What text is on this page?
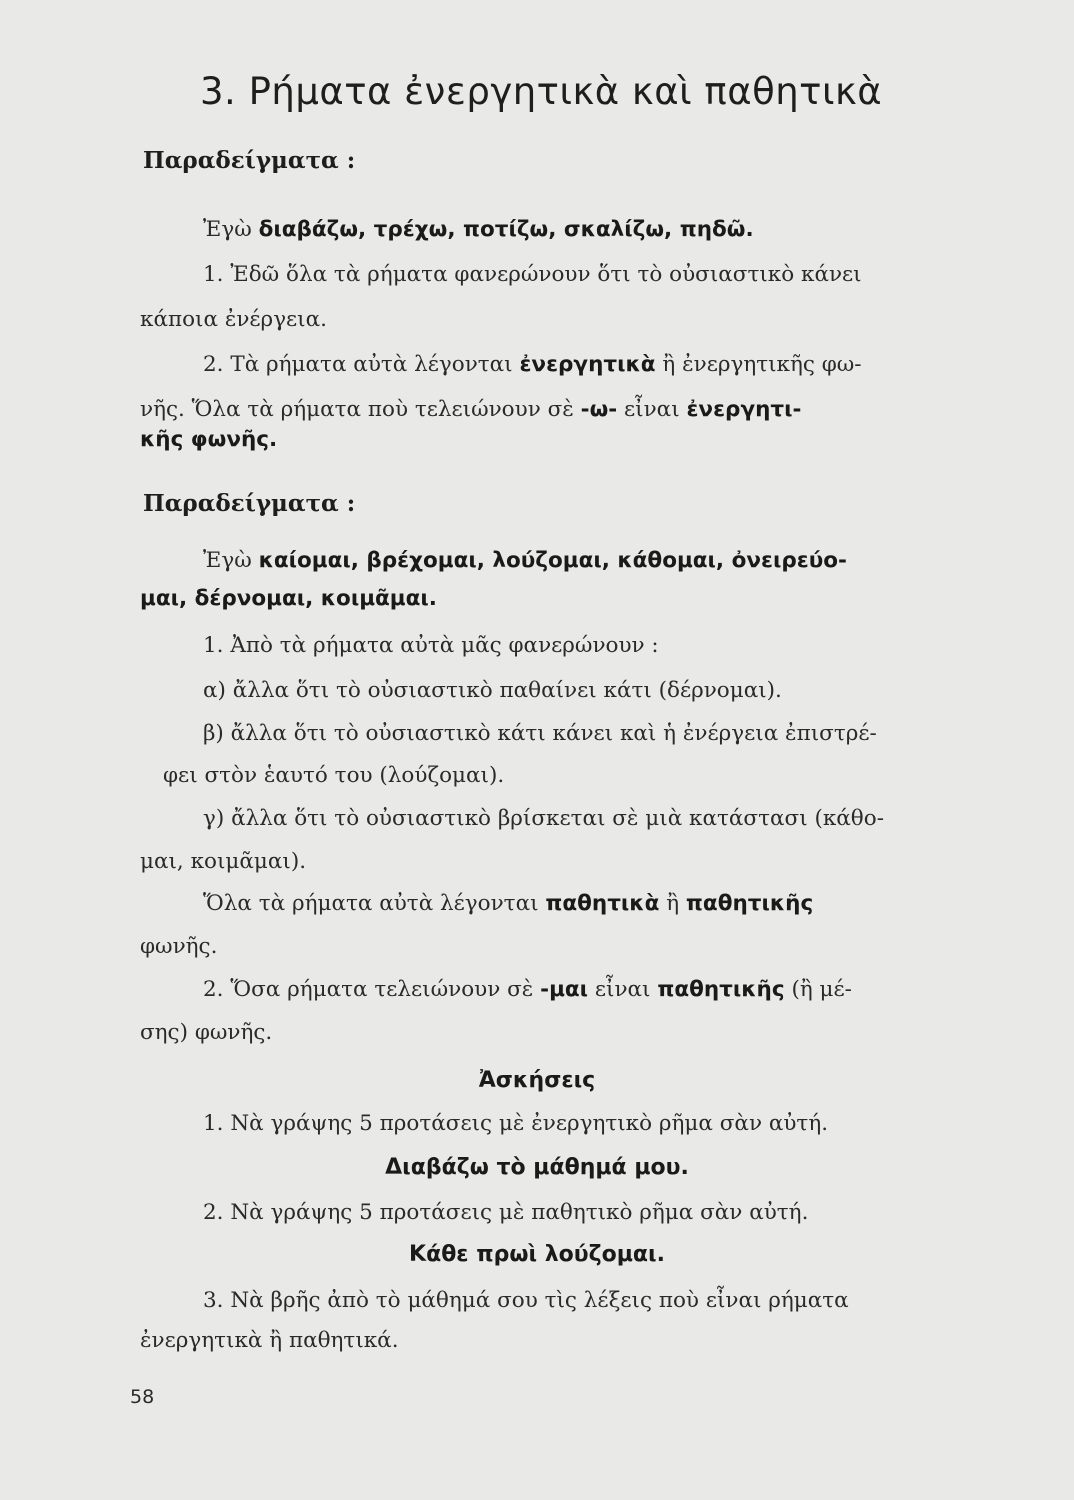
3. Ρήματα ἐνεργητικὰ καὶ παθητικὰ
Παραδείγματα :
Ἐγὼ διαβάζω, τρέχω, ποτίζω, σκαλίζω, πηδῶ.
1. Ἐδῶ ὅλα τὰ ρήματα φανερώνουν ὅτι τὸ οὐσιαστικὸ κάνει
κάποια ἐνέργεια.
2. Τὰ ρήματα αὐτὰ λέγονται ἐνεργητικὰ ἢ ἐνεργητικῆς φω-
νῆς. Ὅλα τὰ ρήματα ποὺ τελειώνουν σὲ -ω- εἶναι ἐνεργητι-
κῆς φωνῆς.
Παραδείγματα :
Ἐγὼ καίομαι, βρέχομαι, λούζομαι, κάθομαι, ὀνειρεύο-
μαι, δέρνομαι, κοιμᾶμαι.
1. Ἀπὸ τὰ ρήματα αὐτὰ μᾶς φανερώνουν :
α) ἄλλα ὅτι τὸ οὐσιαστικὸ παθαίνει κάτι (δέρνομαι).
β) ἄλλα ὅτι τὸ οὐσιαστικὸ κάτι κάνει καὶ ἡ ἐνέργεια ἐπιστρέ-
φει στὸν ἑαυτό του (λούζομαι).
γ) ἄλλα ὅτι τὸ οὐσιαστικὸ βρίσκεται σὲ μιὰ κατάστασι (κάθο-
μαι, κοιμᾶμαι).
Ὅλα τὰ ρήματα αὐτὰ λέγονται παθητικὰ ἢ παθητικῆς
φωνῆς.
2. Ὅσα ρήματα τελειώνουν σὲ -μαι εἶναι παθητικῆς (ἢ μέ-
σης) φωνῆς.
Ἀσκήσεις
1. Νὰ γράψης 5 προτάσεις μὲ ἐνεργητικὸ ρῆμα σὰν αὐτή.
Διαβάζω τὸ μάθημά μου.
2. Νὰ γράψης 5 προτάσεις μὲ παθητικὸ ρῆμα σὰν αὐτή.
Κάθε πρωὶ λούζομαι.
3. Νὰ βρῆς ἀπὸ τὸ μάθημά σου τὶς λέξεις ποὺ εἶναι ρήματα
ἐνεργητικὰ ἢ παθητικά.
58
